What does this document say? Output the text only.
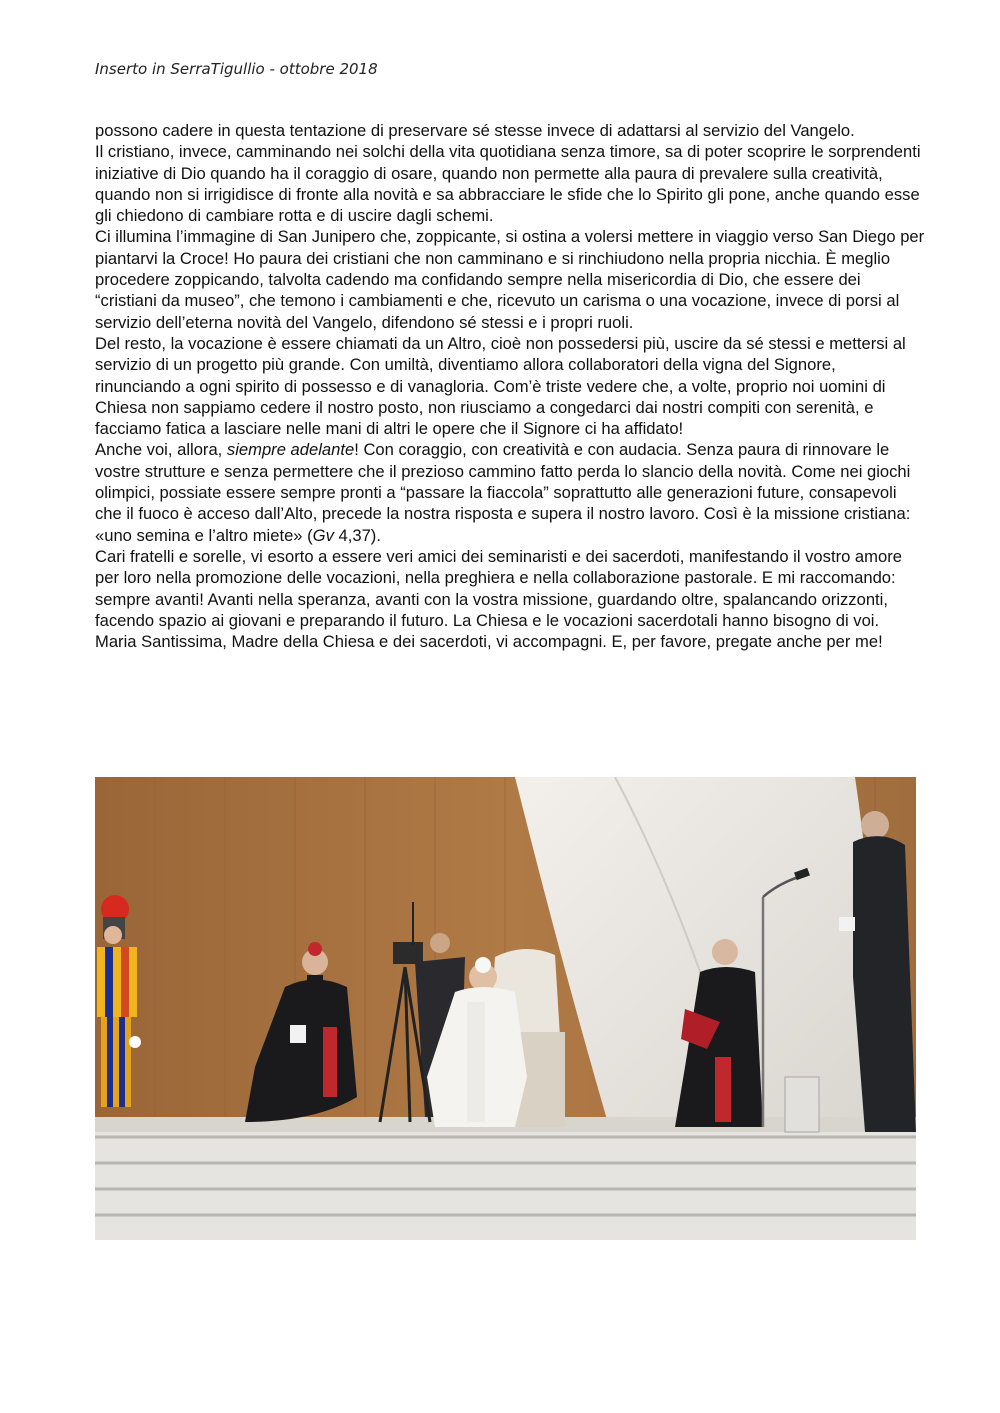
Inserto in SerraTigullio - ottobre 2018

possono cadere in questa tentazione di preservare sé stesse invece di adattarsi al servizio del Vangelo.

Il cristiano, invece, camminando nei solchi della vita quotidiana senza timore, sa di poter scoprire le sorprendenti iniziative di Dio quando ha il coraggio di osare, quando non permette alla paura di prevalere sulla creatività, quando non si irrigidisce di fronte alla novità e sa abbracciare le sfide che lo Spirito gli pone, anche quando esse gli chiedono di cambiare rotta e di uscire dagli schemi.

Ci illumina l’immagine di San Junipero che, zoppicante, si ostina a volersi mettere in viaggio verso San Diego per piantarvi la Croce! Ho paura dei cristiani che non camminano e si rinchiudono nella propria nicchia. È meglio procedere zoppicando, talvolta cadendo ma confidando sempre nella misericordia di Dio, che essere dei “cristiani da museo”, che temono i cambiamenti e che, ricevuto un carisma o una vocazione, invece di porsi al servizio dell’eterna novità del Vangelo, difendono sé stessi e i propri ruoli.

Del resto, la vocazione è essere chiamati da un Altro, cioè non possedersi più, uscire da sé stessi e mettersi al servizio di un progetto più grande. Con umiltà, diventiamo allora collaboratori della vigna del Signore, rinunciando a ogni spirito di possesso e di vanagloria. Com’è triste vedere che, a volte, proprio noi uomini di Chiesa non sappiamo cedere il nostro posto, non riusciamo a congedarci dai nostri compiti con serenità, e facciamo fatica a lasciare nelle mani di altri le opere che il Signore ci ha affidato!

Anche voi, allora, siempre adelante! Con coraggio, con creatività e con audacia. Senza paura di rinnovare le vostre strutture e senza permettere che il prezioso cammino fatto perda lo slancio della novità. Come nei giochi olimpici, possiate essere sempre pronti a “passare la fiaccola” soprattutto alle generazioni future, consapevoli che il fuoco è acceso dall’Alto, precede la nostra risposta e supera il nostro lavoro. Così è la missione cristiana: «uno semina e l’altro miete» (Gv 4,37).

Cari fratelli e sorelle, vi esorto a essere veri amici dei seminaristi e dei sacerdoti, manifestando il vostro amore per loro nella promozione delle vocazioni, nella preghiera e nella collaborazione pastorale. E mi raccomando: sempre avanti! Avanti nella speranza, avanti con la vostra missione, guardando oltre, spalancando orizzonti, facendo spazio ai giovani e preparando il futuro. La Chiesa e le vocazioni sacerdotali hanno bisogno di voi. Maria Santissima, Madre della Chiesa e dei sacerdoti, vi accompagni. E, per favore, pregate anche per me!
